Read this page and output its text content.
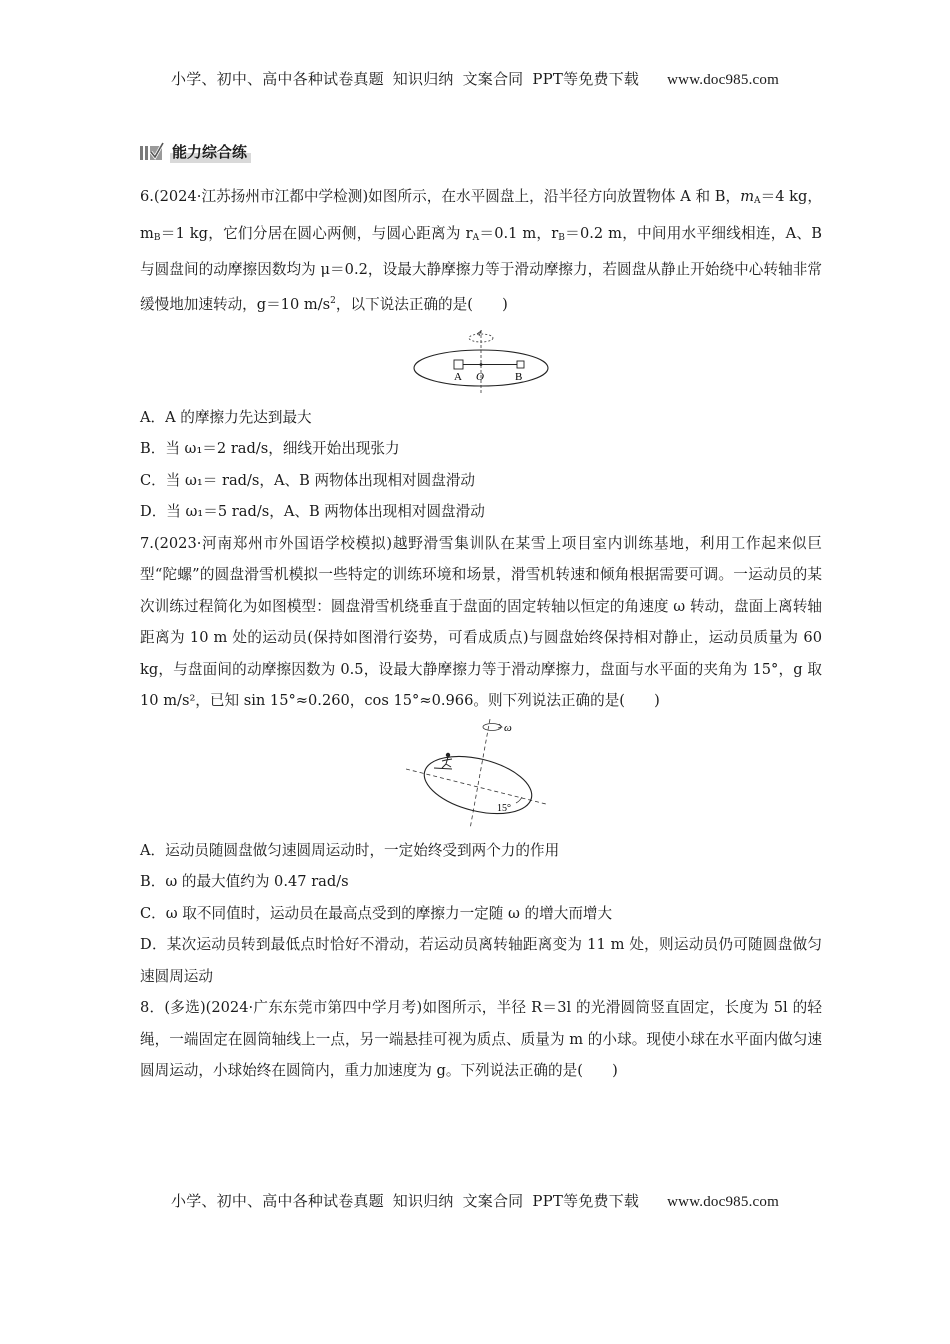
小学、初中、高中各种试卷真题 知识归纳 文案合同 PPT等免费下载 www.doc985.com
能力综合练

6.(2024·江苏扬州市江都中学检测)如图所示，在水平圆盘上，沿半径方向放置物体 A 和 B，$m_A=4$ kg，$m_B=1$ kg，它们分居在圆心两侧，与圆心距离为 $r_A=0.1$ m，$r_B=0.2$ m，中间用水平细线相连，A、B 与圆盘间的动摩擦因数均为 μ＝0.2，设最大静摩擦力等于滑动摩擦力，若圆盘从静止开始绕中心转轴非常缓慢地加速转动，g＝10 $m/s^2$，以下说法正确的是(　　)

A O	B

A．A 的摩擦力先达到最大

B．当 ω₁＝2 rad/s，细线开始出现张力

C．当 ω₁＝ rad/s，A、B 两物体出现相对圆盘滑动

D．当 ω₁＝5 rad/s，A、B 两物体出现相对圆盘滑动

7.(2023·河南郑州市外国语学校模拟)越野滑雪集训队在某雪上项目室内训练基地，利用工作起来似巨型“陀螺”的圆盘滑雪机模拟一些特定的训练环境和场景，滑雪机转速和倾角根据需要可调。一运动员的某次训练过程简化为如图模型：圆盘滑雪机绕垂直于盘面的固定转轴以恒定的角速度 ω 转动，盘面上离转轴距离为 10 m 处的运动员(保持如图滑行姿势，可看成质点)与圆盘始终保持相对静止，运动员质量为 60 kg，与盘面间的动摩擦因数为 0.5，设最大静摩擦力等于滑动摩擦力，盘面与水平面的夹角为 15°，g 取 10 m/s²，已知 sin 15°≈0.260，cos 15°≈0.966。则下列说法正确的是(　　)

ω
15°

A．运动员随圆盘做匀速圆周运动时，一定始终受到两个力的作用

B．ω 的最大值约为 0.47 rad/s

C．ω 取不同值时，运动员在最高点受到的摩擦力一定随 ω 的增大而增大

D．某次运动员转到最低点时恰好不滑动，若运动员离转轴距离变为 11 m 处，则运动员仍可随圆盘做匀速圆周运动

8．(多选)(2024·广东东莞市第四中学月考)如图所示，半径 R＝3l 的光滑圆筒竖直固定，长度为 5l 的轻绳，一端固定在圆筒轴线上一点，另一端悬挂可视为质点、质量为 m 的小球。现使小球在水平面内做匀速圆周运动，小球始终在圆筒内，重力加速度为 g。下列说法正确的是(　　)

小学、初中、高中各种试卷真题 知识归纳 文案合同 PPT等免费下载 www.doc985.com
